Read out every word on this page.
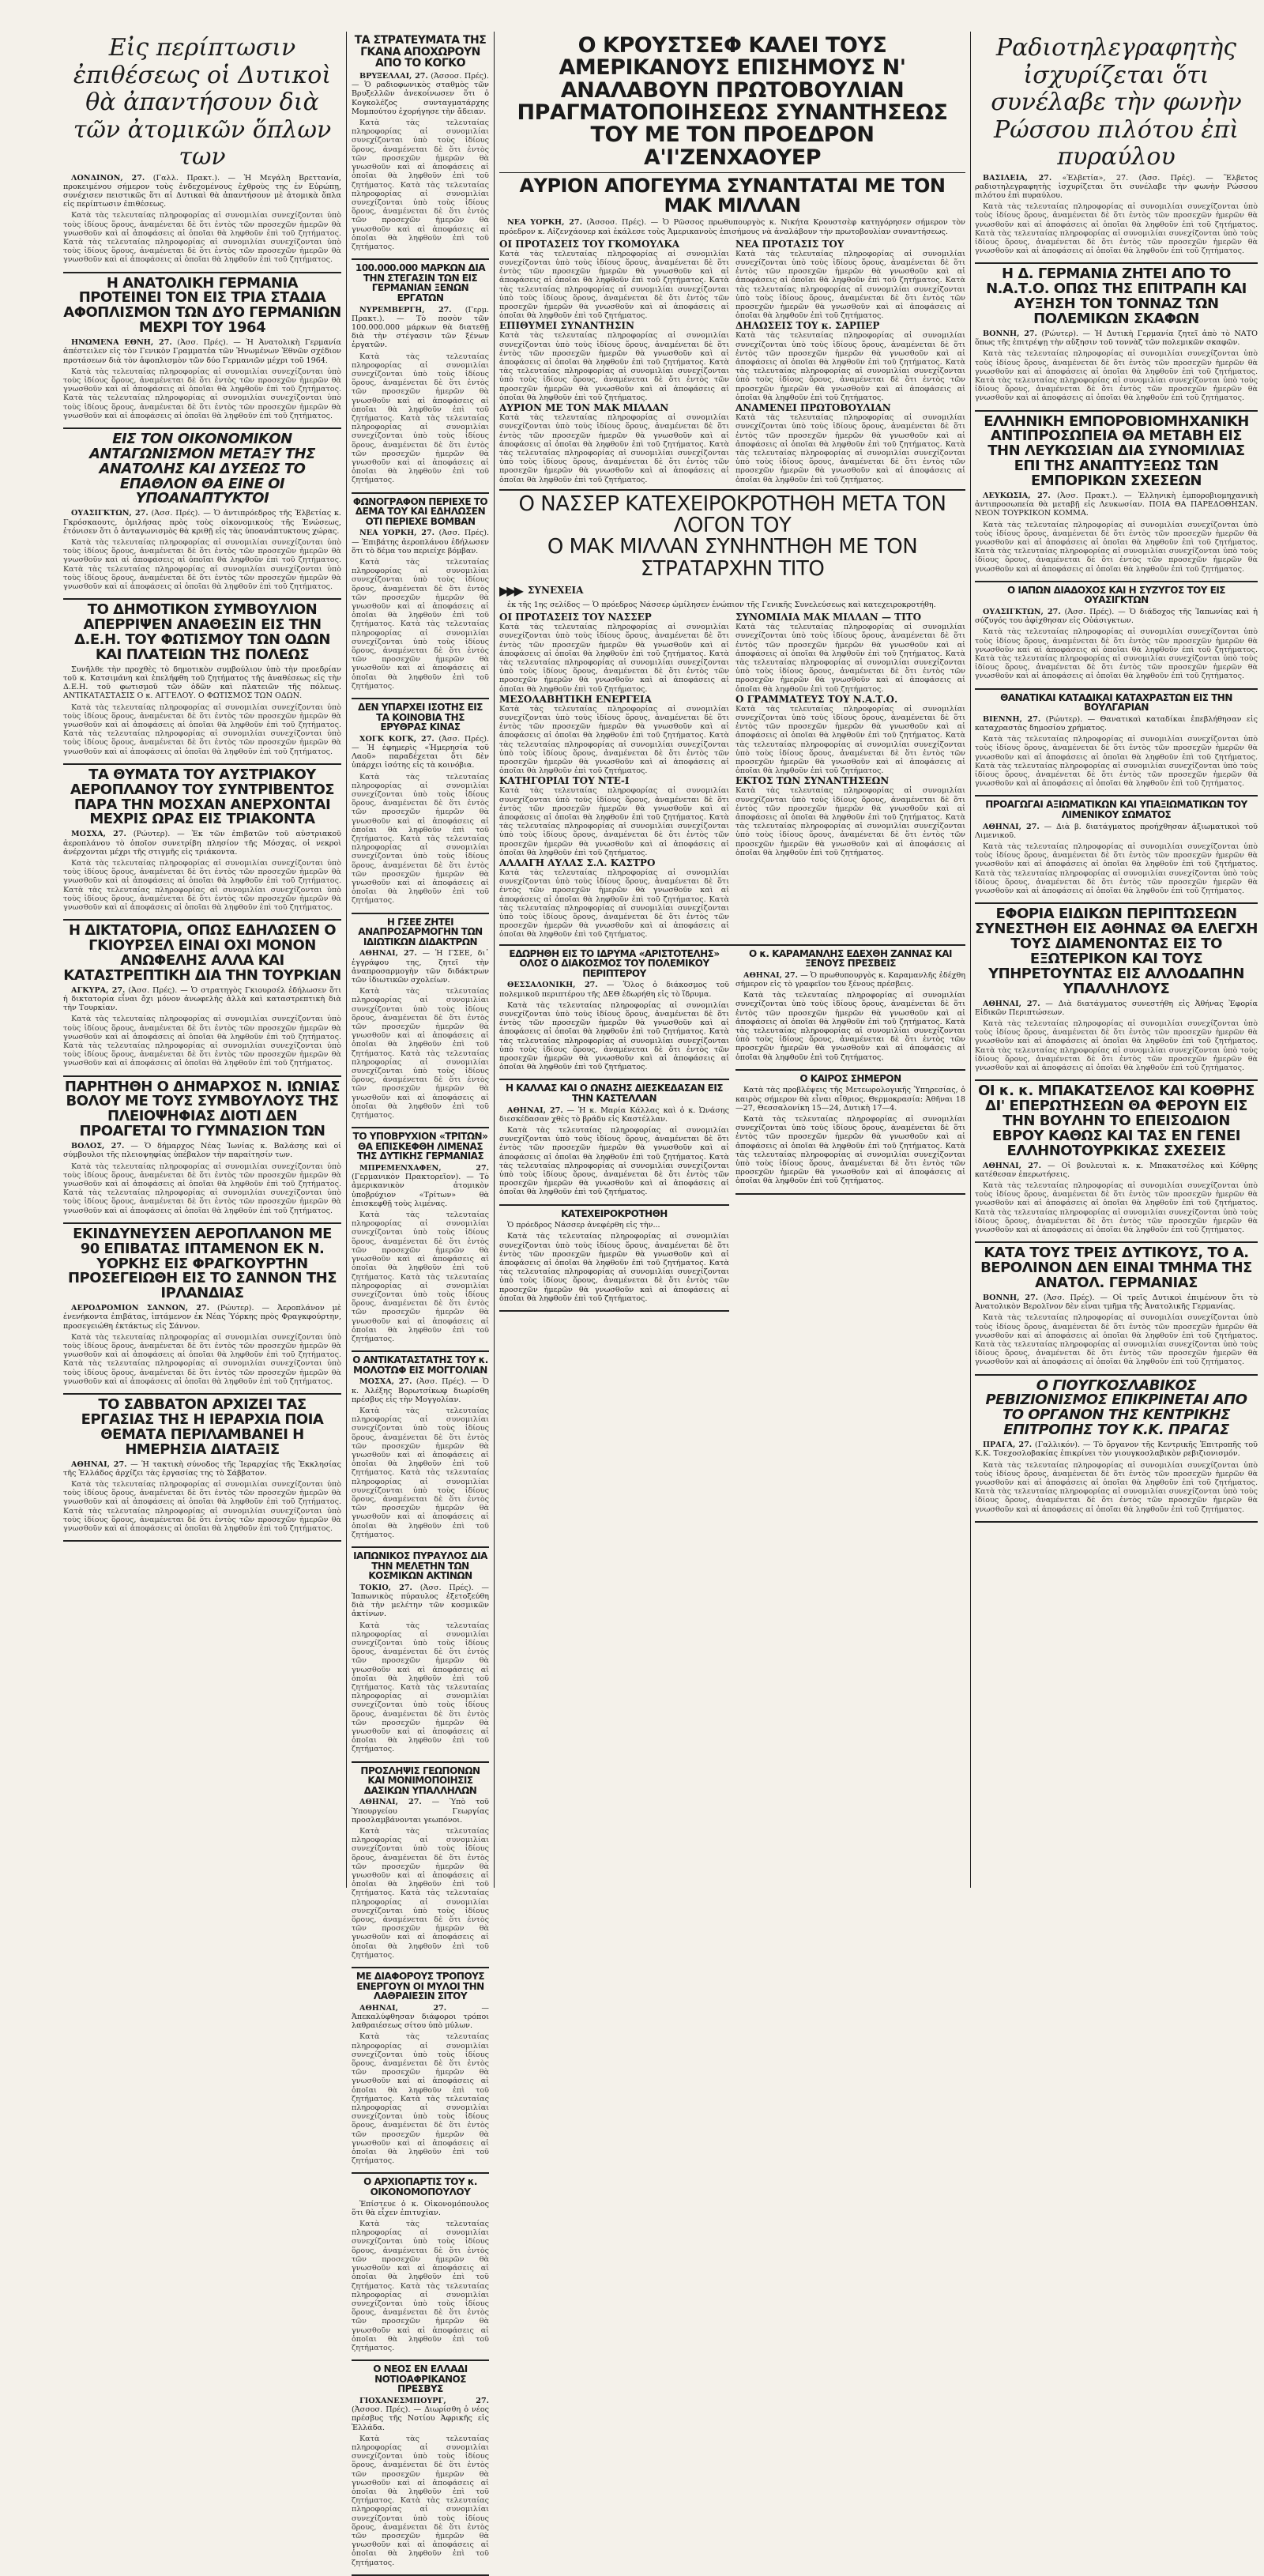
Εἰς περίπτωσιν ἐπιθέσεως οἱ Δυτικοὶ θὰ ἀπαντήσουν διὰ τῶν ἀτομικῶν ὅπλων των

ΛΟΝΔΙΝΟΝ, 27. (Γαλλ. Πρακτ.). — Ἡ Μεγάλη Βρεττανία, προκειμένου σήμερον τοὺς ἐνδεχομένους ἐχθροὺς της ἐν Εὐρώπῃ, συνέχισεν πειστικῶς ὅτι αἱ Δυτικαὶ θὰ ἀπαντήσουν μὲ ἀτομικὰ ὅπλα εἰς περίπτωσιν ἐπιθέσεως.

Κατὰ τὰς τελευταίας πληροφορίας αἱ συνομιλίαι συνεχίζονται ὑπὸ τοὺς ἰδίους ὅρους, ἀναμένεται δὲ ὅτι ἐντὸς τῶν προσεχῶν ἡμερῶν θὰ γνωσθοῦν καὶ αἱ ἀποφάσεις αἱ ὁποῖαι θὰ ληφθοῦν ἐπὶ τοῦ ζητήματος. Κατὰ τὰς τελευταίας πληροφορίας αἱ συνομιλίαι συνεχίζονται ὑπὸ τοὺς ἰδίους ὅρους, ἀναμένεται δὲ ὅτι ἐντὸς τῶν προσεχῶν ἡμερῶν θὰ γνωσθοῦν καὶ αἱ ἀποφάσεις αἱ ὁποῖαι θὰ ληφθοῦν ἐπὶ τοῦ ζητήματος.

Η ΑΝΑΤΟΛΙΚΗ ΓΕΡΜΑΝΙΑ ΠΡΟΤΕΙΝΕΙ ΤΟΝ ΕΙΣ ΤΡΙΑ ΣΤΑΔΙΑ ΑΦΟΠΛΙΣΜΟΝ ΤΩΝ ΔΥΟ ΓΕΡΜΑΝΙΩΝ ΜΕΧΡΙ ΤΟΥ 1964

ΗΝΩΜΕΝΑ ΕΘΝΗ, 27. (Ἀσσ. Πρές). — Ἡ Ἀνατολικὴ Γερμανία ἀπέστειλεν εἰς τὸν Γενικὸν Γραμματέα τῶν Ἡνωμένων Ἐθνῶν σχέδιον προτάσεων διὰ τὸν ἀφοπλισμὸν τῶν δύο Γερμανιῶν μέχρι τοῦ 1964.

Κατὰ τὰς τελευταίας πληροφορίας αἱ συνομιλίαι συνεχίζονται ὑπὸ τοὺς ἰδίους ὅρους, ἀναμένεται δὲ ὅτι ἐντὸς τῶν προσεχῶν ἡμερῶν θὰ γνωσθοῦν καὶ αἱ ἀποφάσεις αἱ ὁποῖαι θὰ ληφθοῦν ἐπὶ τοῦ ζητήματος. Κατὰ τὰς τελευταίας πληροφορίας αἱ συνομιλίαι συνεχίζονται ὑπὸ τοὺς ἰδίους ὅρους, ἀναμένεται δὲ ὅτι ἐντὸς τῶν προσεχῶν ἡμερῶν θὰ γνωσθοῦν καὶ αἱ ἀποφάσεις αἱ ὁποῖαι θὰ ληφθοῦν ἐπὶ τοῦ ζητήματος.

ΕΙΣ ΤΟΝ ΟΙΚΟΝΟΜΙΚΟΝ ΑΝΤΑΓΩΝΙΣΜΟΝ ΜΕΤΑΞΥ ΤΗΣ ΑΝΑΤΟΛΗΣ ΚΑΙ ΔΥΣΕΩΣ ΤΟ ΕΠΑΘΛΟΝ ΘΑ ΕΙΝΕ ΟΙ ΥΠΟΑΝΑΠΤΥΚΤΟΙ

ΟΥΑΣΙΓΚΤΩΝ, 27. (Ἀσσ. Πρές). — Ὁ ἀντιπρόεδρος τῆς Ἑλβετίας κ. Γκρόσκαουτς, ὁμιλήσας πρὸς τοὺς οἰκονομικοὺς τῆς Ἑνώσεως, ἐτόνισεν ὅτι ὁ ἀνταγωνισμὸς θὰ κριθῇ εἰς τὰς ὑποανάπτυκτους χώρας.

Κατὰ τὰς τελευταίας πληροφορίας αἱ συνομιλίαι συνεχίζονται ὑπὸ τοὺς ἰδίους ὅρους, ἀναμένεται δὲ ὅτι ἐντὸς τῶν προσεχῶν ἡμερῶν θὰ γνωσθοῦν καὶ αἱ ἀποφάσεις αἱ ὁποῖαι θὰ ληφθοῦν ἐπὶ τοῦ ζητήματος. Κατὰ τὰς τελευταίας πληροφορίας αἱ συνομιλίαι συνεχίζονται ὑπὸ τοὺς ἰδίους ὅρους, ἀναμένεται δὲ ὅτι ἐντὸς τῶν προσεχῶν ἡμερῶν θὰ γνωσθοῦν καὶ αἱ ἀποφάσεις αἱ ὁποῖαι θὰ ληφθοῦν ἐπὶ τοῦ ζητήματος.

ΤΟ ΔΗΜΟΤΙΚΟΝ ΣΥΜΒΟΥΛΙΟΝ ΑΠΕΡΡΙΨΕΝ ΑΝΑΘΕΣΙΝ ΕΙΣ ΤΗΝ Δ.Ε.Η. ΤΟΥ ΦΩΤΙΣΜΟΥ ΤΩΝ ΟΔΩΝ ΚΑΙ ΠΛΑΤΕΙΩΝ ΤΗΣ ΠΟΛΕΩΣ

Συνῆλθε τὴν προχθὲς τὸ δημοτικὸν συμβούλιον ὑπὸ τὴν προεδρίαν τοῦ κ. Κατσιμάνη καὶ ἐπελήφθη τοῦ ζητήματος τῆς ἀναθέσεως εἰς τὴν Δ.Ε.Η. τοῦ φωτισμοῦ τῶν ὁδῶν καὶ πλατειῶν τῆς πόλεως. ΑΝΤΙΚΑΤΑΣΤΑΣΙΣ Ο κ. ΑΓΓΕΛΟΥ. Ο ΦΩΤΙΣΜΟΣ ΤΩΝ ΟΔΩΝ.

Κατὰ τὰς τελευταίας πληροφορίας αἱ συνομιλίαι συνεχίζονται ὑπὸ τοὺς ἰδίους ὅρους, ἀναμένεται δὲ ὅτι ἐντὸς τῶν προσεχῶν ἡμερῶν θὰ γνωσθοῦν καὶ αἱ ἀποφάσεις αἱ ὁποῖαι θὰ ληφθοῦν ἐπὶ τοῦ ζητήματος. Κατὰ τὰς τελευταίας πληροφορίας αἱ συνομιλίαι συνεχίζονται ὑπὸ τοὺς ἰδίους ὅρους, ἀναμένεται δὲ ὅτι ἐντὸς τῶν προσεχῶν ἡμερῶν θὰ γνωσθοῦν καὶ αἱ ἀποφάσεις αἱ ὁποῖαι θὰ ληφθοῦν ἐπὶ τοῦ ζητήματος.

ΤΑ ΘΥΜΑΤΑ ΤΟΥ ΑΥΣΤΡΙΑΚΟΥ ΑΕΡΟΠΛΑΝΟΥ ΤΟΥ ΣΥΝΤΡΙΒΕΝΤΟΣ ΠΑΡΑ ΤΗΝ ΜΟΣΧΑΝ ΑΝΕΡΧΟΝΤΑΙ ΜΕΧΡΙΣ ΩΡΑΣ ΕΙΣ ΤΡΙΑΚΟΝΤΑ

ΜΟΣΧΑ, 27. (Ρώυτερ). — Ἐκ τῶν ἐπιβατῶν τοῦ αὐστριακοῦ ἀεροπλάνου τὸ ὁποῖον συνετρίβη πλησίον τῆς Μόσχας, οἱ νεκροὶ ἀνέρχονται μέχρι τῆς στιγμῆς εἰς τριάκοντα.

Κατὰ τὰς τελευταίας πληροφορίας αἱ συνομιλίαι συνεχίζονται ὑπὸ τοὺς ἰδίους ὅρους, ἀναμένεται δὲ ὅτι ἐντὸς τῶν προσεχῶν ἡμερῶν θὰ γνωσθοῦν καὶ αἱ ἀποφάσεις αἱ ὁποῖαι θὰ ληφθοῦν ἐπὶ τοῦ ζητήματος. Κατὰ τὰς τελευταίας πληροφορίας αἱ συνομιλίαι συνεχίζονται ὑπὸ τοὺς ἰδίους ὅρους, ἀναμένεται δὲ ὅτι ἐντὸς τῶν προσεχῶν ἡμερῶν θὰ γνωσθοῦν καὶ αἱ ἀποφάσεις αἱ ὁποῖαι θὰ ληφθοῦν ἐπὶ τοῦ ζητήματος.

Η ΔΙΚΤΑΤΟΡΙΑ, ΟΠΩΣ ΕΔΗΛΩΣΕΝ Ο ΓΚΙΟΥΡΣΕΛ ΕΙΝΑΙ ΟΧΙ ΜΟΝΟΝ ΑΝΩΦΕΛΗΣ ΑΛΛΑ ΚΑΙ ΚΑΤΑΣΤΡΕΠΤΙΚΗ ΔΙΑ ΤΗΝ ΤΟΥΡΚΙΑΝ

ΑΓΚΥΡΑ, 27. (Ἀσσ. Πρές). — Ὁ στρατηγὸς Γκιουρσέλ ἐδήλωσεν ὅτι ἡ δικτατορία εἶναι ὄχι μόνον ἀνωφελὴς ἀλλὰ καὶ καταστρεπτικὴ διὰ τὴν Τουρκίαν.

Κατὰ τὰς τελευταίας πληροφορίας αἱ συνομιλίαι συνεχίζονται ὑπὸ τοὺς ἰδίους ὅρους, ἀναμένεται δὲ ὅτι ἐντὸς τῶν προσεχῶν ἡμερῶν θὰ γνωσθοῦν καὶ αἱ ἀποφάσεις αἱ ὁποῖαι θὰ ληφθοῦν ἐπὶ τοῦ ζητήματος. Κατὰ τὰς τελευταίας πληροφορίας αἱ συνομιλίαι συνεχίζονται ὑπὸ τοὺς ἰδίους ὅρους, ἀναμένεται δὲ ὅτι ἐντὸς τῶν προσεχῶν ἡμερῶν θὰ γνωσθοῦν καὶ αἱ ἀποφάσεις αἱ ὁποῖαι θὰ ληφθοῦν ἐπὶ τοῦ ζητήματος.

ΠΑΡΗΤΗΘΗ Ο ΔΗΜΑΡΧΟΣ Ν. ΙΩΝΙΑΣ ΒΟΛΟΥ ΜΕ ΤΟΥΣ ΣΥΜΒΟΥΛΟΥΣ ΤΗΣ ΠΛΕΙΟΨΗΦΙΑΣ ΔΙΟΤΙ ΔΕΝ ΠΡΟΑΓΕΤΑΙ ΤΟ ΓΥΜΝΑΣΙΟΝ ΤΩΝ

ΒΟΛΟΣ, 27. — Ὁ δήμαρχος Νέας Ἰωνίας κ. Βαλάσης καὶ οἱ σύμβουλοι τῆς πλειοψηφίας ὑπέβαλον τὴν παραίτησίν των.

Κατὰ τὰς τελευταίας πληροφορίας αἱ συνομιλίαι συνεχίζονται ὑπὸ τοὺς ἰδίους ὅρους, ἀναμένεται δὲ ὅτι ἐντὸς τῶν προσεχῶν ἡμερῶν θὰ γνωσθοῦν καὶ αἱ ἀποφάσεις αἱ ὁποῖαι θὰ ληφθοῦν ἐπὶ τοῦ ζητήματος. Κατὰ τὰς τελευταίας πληροφορίας αἱ συνομιλίαι συνεχίζονται ὑπὸ τοὺς ἰδίους ὅρους, ἀναμένεται δὲ ὅτι ἐντὸς τῶν προσεχῶν ἡμερῶν θὰ γνωσθοῦν καὶ αἱ ἀποφάσεις αἱ ὁποῖαι θὰ ληφθοῦν ἐπὶ τοῦ ζητήματος.

ΕΚΙΝΔΥΝΕΥΣΕΝ ΑΕΡΟΠΛΑΝΟΝ ΜΕ 90 ΕΠΙΒΑΤΑΣ ΙΠΤΑΜΕΝΟΝ ΕΚ Ν. ΥΟΡΚΗΣ ΕΙΣ ΦΡΑΓΚΟΥΡΤΗΝ ΠΡΟΣΕΓΕΙΩΘΗ ΕΙΣ ΤΟ ΣΑΝΝΟΝ ΤΗΣ ΙΡΛΑΝΔΙΑΣ

ΑΕΡΟΔΡΟΜΙΟΝ ΣΑΝΝΟΝ, 27. (Ρώυτερ). — Ἀεροπλάνον μὲ ἐνενήκοντα ἐπιβάτας, ἱπτάμενον ἐκ Νέας Ὑόρκης πρὸς Φραγκφούρτην, προσεγειώθη ἐκτάκτως εἰς Σάννον.

Κατὰ τὰς τελευταίας πληροφορίας αἱ συνομιλίαι συνεχίζονται ὑπὸ τοὺς ἰδίους ὅρους, ἀναμένεται δὲ ὅτι ἐντὸς τῶν προσεχῶν ἡμερῶν θὰ γνωσθοῦν καὶ αἱ ἀποφάσεις αἱ ὁποῖαι θὰ ληφθοῦν ἐπὶ τοῦ ζητήματος. Κατὰ τὰς τελευταίας πληροφορίας αἱ συνομιλίαι συνεχίζονται ὑπὸ τοὺς ἰδίους ὅρους, ἀναμένεται δὲ ὅτι ἐντὸς τῶν προσεχῶν ἡμερῶν θὰ γνωσθοῦν καὶ αἱ ἀποφάσεις αἱ ὁποῖαι θὰ ληφθοῦν ἐπὶ τοῦ ζητήματος.

ΤΟ ΣΑΒΒΑΤΟΝ ΑΡΧΙΖΕΙ ΤΑΣ ΕΡΓΑΣΙΑΣ ΤΗΣ Η ΙΕΡΑΡΧΙΑ ΠΟΙΑ ΘΕΜΑΤΑ ΠΕΡΙΛΑΜΒΑΝΕΙ Η ΗΜΕΡΗΣΙΑ ΔΙΑΤΑΞΙΣ

ΑΘΗΝΑΙ, 27. — Ἡ τακτικὴ σύνοδος τῆς Ἱεραρχίας τῆς Ἐκκλησίας τῆς Ἑλλάδος ἀρχίζει τὰς ἐργασίας της τὸ Σάββατον.

Κατὰ τὰς τελευταίας πληροφορίας αἱ συνομιλίαι συνεχίζονται ὑπὸ τοὺς ἰδίους ὅρους, ἀναμένεται δὲ ὅτι ἐντὸς τῶν προσεχῶν ἡμερῶν θὰ γνωσθοῦν καὶ αἱ ἀποφάσεις αἱ ὁποῖαι θὰ ληφθοῦν ἐπὶ τοῦ ζητήματος. Κατὰ τὰς τελευταίας πληροφορίας αἱ συνομιλίαι συνεχίζονται ὑπὸ τοὺς ἰδίους ὅρους, ἀναμένεται δὲ ὅτι ἐντὸς τῶν προσεχῶν ἡμερῶν θὰ γνωσθοῦν καὶ αἱ ἀποφάσεις αἱ ὁποῖαι θὰ ληφθοῦν ἐπὶ τοῦ ζητήματος.

ΤΑ ΣΤΡΑΤΕΥΜΑΤΑ ΤΗΣ ΓΚΑΝΑ ΑΠΟΧΩΡΟΥΝ ΑΠΟ ΤΟ ΚΟΓΚΟ

ΒΡΥΞΕΛΛΑΙ, 27. (Ἀσσοσ. Πρές). — Ὁ ραδιοφωνικὸς σταθμὸς τῶν Βρυξελλῶν ἀνεκοίνωσεν ὅτι ὁ Κογκολέζος συνταγματάρχης Μομπούτου ἐχορήγησε τὴν ἄδειαν.

Κατὰ τὰς τελευταίας πληροφορίας αἱ συνομιλίαι συνεχίζονται ὑπὸ τοὺς ἰδίους ὅρους, ἀναμένεται δὲ ὅτι ἐντὸς τῶν προσεχῶν ἡμερῶν θὰ γνωσθοῦν καὶ αἱ ἀποφάσεις αἱ ὁποῖαι θὰ ληφθοῦν ἐπὶ τοῦ ζητήματος. Κατὰ τὰς τελευταίας πληροφορίας αἱ συνομιλίαι συνεχίζονται ὑπὸ τοὺς ἰδίους ὅρους, ἀναμένεται δὲ ὅτι ἐντὸς τῶν προσεχῶν ἡμερῶν θὰ γνωσθοῦν καὶ αἱ ἀποφάσεις αἱ ὁποῖαι θὰ ληφθοῦν ἐπὶ τοῦ ζητήματος.

100.000.000 ΜΑΡΚΩΝ ΔΙΑ ΤΗΝ ΣΤΕΓΑΣΙΝ ΤΩΝ ΕΙΣ ΓΕΡΜΑΝΙΑΝ ΞΕΝΩΝ ΕΡΓΑΤΩΝ

ΝΥΡΕΜΒΕΡΓΗ, 27. (Γερμ. Πρακτ.). — Τὸ ποσὸν τῶν 100.000.000 μάρκων θὰ διατεθῇ διὰ τὴν στέγασιν τῶν ξένων ἐργατῶν.

Κατὰ τὰς τελευταίας πληροφορίας αἱ συνομιλίαι συνεχίζονται ὑπὸ τοὺς ἰδίους ὅρους, ἀναμένεται δὲ ὅτι ἐντὸς τῶν προσεχῶν ἡμερῶν θὰ γνωσθοῦν καὶ αἱ ἀποφάσεις αἱ ὁποῖαι θὰ ληφθοῦν ἐπὶ τοῦ ζητήματος. Κατὰ τὰς τελευταίας πληροφορίας αἱ συνομιλίαι συνεχίζονται ὑπὸ τοὺς ἰδίους ὅρους, ἀναμένεται δὲ ὅτι ἐντὸς τῶν προσεχῶν ἡμερῶν θὰ γνωσθοῦν καὶ αἱ ἀποφάσεις αἱ ὁποῖαι θὰ ληφθοῦν ἐπὶ τοῦ ζητήματος.

ΦΩΝΟΓΡΑΦΟΝ ΠΕΡΙΕΧΕ ΤΟ ΔΕΜΑ ΤΟΥ ΚΑΙ ΕΔΗΛΩΣΕΝ ΟΤΙ ΠΕΡΙΕΧΕ ΒΟΜΒΑΝ

ΝΕΑ ΥΟΡΚΗ, 27. (Ἀσσ. Πρές). — Ἐπιβάτης ἀεροπλάνου ἐδήλωσεν ὅτι τὸ δέμα του περιείχε βόμβαν.

Κατὰ τὰς τελευταίας πληροφορίας αἱ συνομιλίαι συνεχίζονται ὑπὸ τοὺς ἰδίους ὅρους, ἀναμένεται δὲ ὅτι ἐντὸς τῶν προσεχῶν ἡμερῶν θὰ γνωσθοῦν καὶ αἱ ἀποφάσεις αἱ ὁποῖαι θὰ ληφθοῦν ἐπὶ τοῦ ζητήματος. Κατὰ τὰς τελευταίας πληροφορίας αἱ συνομιλίαι συνεχίζονται ὑπὸ τοὺς ἰδίους ὅρους, ἀναμένεται δὲ ὅτι ἐντὸς τῶν προσεχῶν ἡμερῶν θὰ γνωσθοῦν καὶ αἱ ἀποφάσεις αἱ ὁποῖαι θὰ ληφθοῦν ἐπὶ τοῦ ζητήματος.

ΔΕΝ ΥΠΑΡΧΕΙ ΙΣΟΤΗΣ ΕΙΣ ΤΑ ΚΟΙΝΟΒΙΑ ΤΗΣ ΕΡΥΘΡΑΣ ΚΙΝΑΣ

ΧΟΓΚ ΚΟΓΚ, 27. (Ἀσσ. Πρές). — Ἡ ἐφημερὶς «Ἡμερησία τοῦ Λαοῦ» παραδέχεται ὅτι δὲν ὑπάρχει ἰσότης εἰς τὰ κοινόβια.

Κατὰ τὰς τελευταίας πληροφορίας αἱ συνομιλίαι συνεχίζονται ὑπὸ τοὺς ἰδίους ὅρους, ἀναμένεται δὲ ὅτι ἐντὸς τῶν προσεχῶν ἡμερῶν θὰ γνωσθοῦν καὶ αἱ ἀποφάσεις αἱ ὁποῖαι θὰ ληφθοῦν ἐπὶ τοῦ ζητήματος. Κατὰ τὰς τελευταίας πληροφορίας αἱ συνομιλίαι συνεχίζονται ὑπὸ τοὺς ἰδίους ὅρους, ἀναμένεται δὲ ὅτι ἐντὸς τῶν προσεχῶν ἡμερῶν θὰ γνωσθοῦν καὶ αἱ ἀποφάσεις αἱ ὁποῖαι θὰ ληφθοῦν ἐπὶ τοῦ ζητήματος.

Η ΓΣΕΕ ΖΗΤΕΙ ΑΝΑΠΡΟΣΑΡΜΟΓΗΝ ΤΩΝ ΙΔΙΩΤΙΚΩΝ ΔΙΔΑΚΤΡΩΝ

ΑΘΗΝΑΙ, 27. — Ἡ ΓΣΕΕ, δι᾽ ἐγγράφου της, ζητεῖ τὴν ἀναπροσαρμογὴν τῶν διδάκτρων τῶν ἰδιωτικῶν σχολείων.

Κατὰ τὰς τελευταίας πληροφορίας αἱ συνομιλίαι συνεχίζονται ὑπὸ τοὺς ἰδίους ὅρους, ἀναμένεται δὲ ὅτι ἐντὸς τῶν προσεχῶν ἡμερῶν θὰ γνωσθοῦν καὶ αἱ ἀποφάσεις αἱ ὁποῖαι θὰ ληφθοῦν ἐπὶ τοῦ ζητήματος. Κατὰ τὰς τελευταίας πληροφορίας αἱ συνομιλίαι συνεχίζονται ὑπὸ τοὺς ἰδίους ὅρους, ἀναμένεται δὲ ὅτι ἐντὸς τῶν προσεχῶν ἡμερῶν θὰ γνωσθοῦν καὶ αἱ ἀποφάσεις αἱ ὁποῖαι θὰ ληφθοῦν ἐπὶ τοῦ ζητήματος.

ΤΟ ΥΠΟΒΡΥΧΙΟΝ «ΤΡΙΤΩΝ» ΘΑ ΕΠΙΣΚΕΦΘΗ ΛΙΜΕΝΑΣ ΤΗΣ ΔΥΤΙΚΗΣ ΓΕΡΜΑΝΙΑΣ

ΜΠΡΕΜΕΝΧΑΦΕΝ, 27. (Γερμανικὸν Πρακτορεῖον). — Τὸ ἀμερικανικὸν ἀτομικὸν ὑποβρύχιον «Τρίτων» θὰ ἐπισκεφθῇ τοὺς λιμένας.

Κατὰ τὰς τελευταίας πληροφορίας αἱ συνομιλίαι συνεχίζονται ὑπὸ τοὺς ἰδίους ὅρους, ἀναμένεται δὲ ὅτι ἐντὸς τῶν προσεχῶν ἡμερῶν θὰ γνωσθοῦν καὶ αἱ ἀποφάσεις αἱ ὁποῖαι θὰ ληφθοῦν ἐπὶ τοῦ ζητήματος. Κατὰ τὰς τελευταίας πληροφορίας αἱ συνομιλίαι συνεχίζονται ὑπὸ τοὺς ἰδίους ὅρους, ἀναμένεται δὲ ὅτι ἐντὸς τῶν προσεχῶν ἡμερῶν θὰ γνωσθοῦν καὶ αἱ ἀποφάσεις αἱ ὁποῖαι θὰ ληφθοῦν ἐπὶ τοῦ ζητήματος.

Ο ΑΝΤΙΚΑΤΑΣΤΑΤΗΣ ΤΟΥ κ. ΜΟΛΟΤΩΦ ΕΙΣ ΜΟΓΓΟΛΙΑΝ

ΜΟΣΧΑ, 27. (Ἀσσ. Πρές). — Ὁ κ. Ἀλέξης Βορωτσίκωφ διωρίσθη πρέσβυς εἰς τὴν Μογγολίαν.

Κατὰ τὰς τελευταίας πληροφορίας αἱ συνομιλίαι συνεχίζονται ὑπὸ τοὺς ἰδίους ὅρους, ἀναμένεται δὲ ὅτι ἐντὸς τῶν προσεχῶν ἡμερῶν θὰ γνωσθοῦν καὶ αἱ ἀποφάσεις αἱ ὁποῖαι θὰ ληφθοῦν ἐπὶ τοῦ ζητήματος. Κατὰ τὰς τελευταίας πληροφορίας αἱ συνομιλίαι συνεχίζονται ὑπὸ τοὺς ἰδίους ὅρους, ἀναμένεται δὲ ὅτι ἐντὸς τῶν προσεχῶν ἡμερῶν θὰ γνωσθοῦν καὶ αἱ ἀποφάσεις αἱ ὁποῖαι θὰ ληφθοῦν ἐπὶ τοῦ ζητήματος.

ΙΑΠΩΝΙΚΟΣ ΠΥΡΑΥΛΟΣ ΔΙΑ ΤΗΝ ΜΕΛΕΤΗΝ ΤΩΝ ΚΟΣΜΙΚΩΝ ΑΚΤΙΝΩΝ

ΤΟΚΙΟ, 27. (Ἀσσ. Πρές). — Ἰαπωνικὸς πύραυλος ἐξετοξεύθη διὰ τὴν μελέτην τῶν κοσμικῶν ἀκτίνων.

Κατὰ τὰς τελευταίας πληροφορίας αἱ συνομιλίαι συνεχίζονται ὑπὸ τοὺς ἰδίους ὅρους, ἀναμένεται δὲ ὅτι ἐντὸς τῶν προσεχῶν ἡμερῶν θὰ γνωσθοῦν καὶ αἱ ἀποφάσεις αἱ ὁποῖαι θὰ ληφθοῦν ἐπὶ τοῦ ζητήματος. Κατὰ τὰς τελευταίας πληροφορίας αἱ συνομιλίαι συνεχίζονται ὑπὸ τοὺς ἰδίους ὅρους, ἀναμένεται δὲ ὅτι ἐντὸς τῶν προσεχῶν ἡμερῶν θὰ γνωσθοῦν καὶ αἱ ἀποφάσεις αἱ ὁποῖαι θὰ ληφθοῦν ἐπὶ τοῦ ζητήματος.

ΠΡΟΣΛΗΨΙΣ ΓΕΩΠΟΝΩΝ ΚΑΙ ΜΟΝΙΜΟΠΟΙΗΣΙΣ ΔΑΣΙΚΩΝ ΥΠΑΛΛΗΛΩΝ

ΑΘΗΝΑΙ, 27. — Ὑπὸ τοῦ Ὑπουργείου Γεωργίας προσλαμβάνονται γεωπόνοι.

Κατὰ τὰς τελευταίας πληροφορίας αἱ συνομιλίαι συνεχίζονται ὑπὸ τοὺς ἰδίους ὅρους, ἀναμένεται δὲ ὅτι ἐντὸς τῶν προσεχῶν ἡμερῶν θὰ γνωσθοῦν καὶ αἱ ἀποφάσεις αἱ ὁποῖαι θὰ ληφθοῦν ἐπὶ τοῦ ζητήματος. Κατὰ τὰς τελευταίας πληροφορίας αἱ συνομιλίαι συνεχίζονται ὑπὸ τοὺς ἰδίους ὅρους, ἀναμένεται δὲ ὅτι ἐντὸς τῶν προσεχῶν ἡμερῶν θὰ γνωσθοῦν καὶ αἱ ἀποφάσεις αἱ ὁποῖαι θὰ ληφθοῦν ἐπὶ τοῦ ζητήματος.

ΜΕ ΔΙΑΦΟΡΟΥΣ ΤΡΟΠΟΥΣ ΕΝΕΡΓΟΥΝ ΟΙ ΜΥΛΟΙ ΤΗΝ ΛΑΘΡΑΙΕΣΙΝ ΣΙΤΟΥ

ΑΘΗΝΑΙ, 27.	— Ἀπεκαλύφθησαν διάφοροι τρόποι λαθραιέσεως σίτου ὑπὸ μύλων.

Κατὰ τὰς τελευταίας πληροφορίας αἱ συνομιλίαι συνεχίζονται ὑπὸ τοὺς ἰδίους ὅρους, ἀναμένεται δὲ ὅτι ἐντὸς τῶν προσεχῶν ἡμερῶν θὰ γνωσθοῦν καὶ αἱ ἀποφάσεις αἱ ὁποῖαι θὰ ληφθοῦν ἐπὶ τοῦ ζητήματος. Κατὰ τὰς τελευταίας πληροφορίας αἱ συνομιλίαι συνεχίζονται ὑπὸ τοὺς ἰδίους ὅρους, ἀναμένεται δὲ ὅτι ἐντὸς τῶν προσεχῶν ἡμερῶν θὰ γνωσθοῦν καὶ αἱ ἀποφάσεις αἱ ὁποῖαι θὰ ληφθοῦν ἐπὶ τοῦ ζητήματος.

Ο ΑΡΧΙΟΠΑΡΤΙΣ ΤΟΥ κ. ΟΙΚΟΝΟΜΟΠΟΥΛΟΥ

Ἐπίστευε ὁ κ. Οἰκονομόπουλος ὅτι θὰ εἶχεν ἐπιτυχίαν.

Κατὰ τὰς τελευταίας πληροφορίας αἱ συνομιλίαι συνεχίζονται ὑπὸ τοὺς ἰδίους ὅρους, ἀναμένεται δὲ ὅτι ἐντὸς τῶν προσεχῶν ἡμερῶν θὰ γνωσθοῦν καὶ αἱ ἀποφάσεις αἱ ὁποῖαι θὰ ληφθοῦν ἐπὶ τοῦ ζητήματος. Κατὰ τὰς τελευταίας πληροφορίας αἱ συνομιλίαι συνεχίζονται ὑπὸ τοὺς ἰδίους ὅρους, ἀναμένεται δὲ ὅτι ἐντὸς τῶν προσεχῶν ἡμερῶν θὰ γνωσθοῦν καὶ αἱ ἀποφάσεις αἱ ὁποῖαι θὰ ληφθοῦν ἐπὶ τοῦ ζητήματος.

Ο ΝΕΟΣ ΕΝ ΕΛΛΑΔΙ ΝΟΤΙΟΑΦΡΙΚΑΝΟΣ ΠΡΕΣΒΥΣ

ΓΙΟΧΑΝΕΣΜΠΟΥΡΓ, 27. (Ἀσσοσ. Πρές). — Διωρίσθη ὁ νέος πρέσβυς τῆς Νοτίου Ἀφρικῆς εἰς Ἑλλάδα.

Κατὰ τὰς τελευταίας πληροφορίας αἱ συνομιλίαι συνεχίζονται ὑπὸ τοὺς ἰδίους ὅρους, ἀναμένεται δὲ ὅτι ἐντὸς τῶν προσεχῶν ἡμερῶν θὰ γνωσθοῦν καὶ αἱ ἀποφάσεις αἱ ὁποῖαι θὰ ληφθοῦν ἐπὶ τοῦ ζητήματος. Κατὰ τὰς τελευταίας πληροφορίας αἱ συνομιλίαι συνεχίζονται ὑπὸ τοὺς ἰδίους ὅρους, ἀναμένεται δὲ ὅτι ἐντὸς τῶν προσεχῶν ἡμερῶν θὰ γνωσθοῦν καὶ αἱ ἀποφάσεις αἱ ὁποῖαι θὰ ληφθοῦν ἐπὶ τοῦ ζητήματος.

Ο ΚΡΟΥΣΤΣΕΦ ΚΑΛΕΙ ΤΟΥΣ ΑΜΕΡΙΚΑΝΟΥΣ ΕΠΙΣΗΜΟΥΣ Ν' ΑΝΑΛΑΒΟΥΝ ΠΡΩΤΟΒΟΥΛΙΑΝ ΠΡΑΓΜΑΤΟΠΟΙΗΣΕΩΣ ΣΥΝΑΝΤΗΣΕΩΣ ΤΟΥ ΜΕ ΤΟΝ ΠΡΟΕΔΡΟΝ Α'Ι'ΖΕΝΧΑΟΥΕΡ
ΑΥΡΙΟΝ ΑΠΟΓΕΥΜΑ ΣΥΝΑΝΤΑΤΑΙ ΜΕ ΤΟΝ ΜΑΚ ΜΙΛΛΑΝ

ΝΕΑ ΥΟΡΚΗ, 27. (Ἀσσοσ. Πρές). — Ὁ Ρῶσσος πρωθυπουργὸς κ. Νικήτα Κρουστσὲφ κατηγόρησεν σήμερον τὸν πρόεδρον κ. Αἰζενχάουερ καὶ ἐκάλεσε τοὺς Ἀμερικανοὺς ἐπισήμους νὰ ἀναλάβουν τὴν πρωτοβουλίαν συναντήσεως.

ΟΙ ΠΡΟΤΑΣΕΙΣ ΤΟΥ ΓΚΟΜΟΥΛΚΑ
Κατὰ τὰς τελευταίας πληροφορίας αἱ συνομιλίαι συνεχίζονται ὑπὸ τοὺς ἰδίους ὅρους, ἀναμένεται δὲ ὅτι ἐντὸς τῶν προσεχῶν ἡμερῶν θὰ γνωσθοῦν καὶ αἱ ἀποφάσεις αἱ ὁποῖαι θὰ ληφθοῦν ἐπὶ τοῦ ζητήματος. Κατὰ τὰς τελευταίας πληροφορίας αἱ συνομιλίαι συνεχίζονται ὑπὸ τοὺς ἰδίους ὅρους, ἀναμένεται δὲ ὅτι ἐντὸς τῶν προσεχῶν ἡμερῶν θὰ γνωσθοῦν καὶ αἱ ἀποφάσεις αἱ ὁποῖαι θὰ ληφθοῦν ἐπὶ τοῦ ζητήματος.
ΕΠΙΘΥΜΕΙ ΣΥΝΑΝΤΗΣΙΝ
Κατὰ τὰς τελευταίας πληροφορίας αἱ συνομιλίαι συνεχίζονται ὑπὸ τοὺς ἰδίους ὅρους, ἀναμένεται δὲ ὅτι ἐντὸς τῶν προσεχῶν ἡμερῶν θὰ γνωσθοῦν καὶ αἱ ἀποφάσεις αἱ ὁποῖαι θὰ ληφθοῦν ἐπὶ τοῦ ζητήματος. Κατὰ τὰς τελευταίας πληροφορίας αἱ συνομιλίαι συνεχίζονται ὑπὸ τοὺς ἰδίους ὅρους, ἀναμένεται δὲ ὅτι ἐντὸς τῶν προσεχῶν ἡμερῶν θὰ γνωσθοῦν καὶ αἱ ἀποφάσεις αἱ ὁποῖαι θὰ ληφθοῦν ἐπὶ τοῦ ζητήματος.
ΑΥΡΙΟΝ ΜΕ ΤΟΝ ΜΑΚ ΜΙΛΛΑΝ
Κατὰ τὰς τελευταίας πληροφορίας αἱ συνομιλίαι συνεχίζονται ὑπὸ τοὺς ἰδίους ὅρους, ἀναμένεται δὲ ὅτι ἐντὸς τῶν προσεχῶν ἡμερῶν θὰ γνωσθοῦν καὶ αἱ ἀποφάσεις αἱ ὁποῖαι θὰ ληφθοῦν ἐπὶ τοῦ ζητήματος. Κατὰ τὰς τελευταίας πληροφορίας αἱ συνομιλίαι συνεχίζονται ὑπὸ τοὺς ἰδίους ὅρους, ἀναμένεται δὲ ὅτι ἐντὸς τῶν προσεχῶν ἡμερῶν θὰ γνωσθοῦν καὶ αἱ ἀποφάσεις αἱ ὁποῖαι θὰ ληφθοῦν ἐπὶ τοῦ ζητήματος.
ΝΕΑ ΠΡΟΤΑΣΙΣ ΤΟΥ
Κατὰ τὰς τελευταίας πληροφορίας αἱ συνομιλίαι συνεχίζονται ὑπὸ τοὺς ἰδίους ὅρους, ἀναμένεται δὲ ὅτι ἐντὸς τῶν προσεχῶν ἡμερῶν θὰ γνωσθοῦν καὶ αἱ ἀποφάσεις αἱ ὁποῖαι θὰ ληφθοῦν ἐπὶ τοῦ ζητήματος. Κατὰ τὰς τελευταίας πληροφορίας αἱ συνομιλίαι συνεχίζονται ὑπὸ τοὺς ἰδίους ὅρους, ἀναμένεται δὲ ὅτι ἐντὸς τῶν προσεχῶν ἡμερῶν θὰ γνωσθοῦν καὶ αἱ ἀποφάσεις αἱ ὁποῖαι θὰ ληφθοῦν ἐπὶ τοῦ ζητήματος.
ΔΗΛΩΣΕΙΣ ΤΟΥ κ. ΣΑΡΠΕΡ
Κατὰ τὰς τελευταίας πληροφορίας αἱ συνομιλίαι συνεχίζονται ὑπὸ τοὺς ἰδίους ὅρους, ἀναμένεται δὲ ὅτι ἐντὸς τῶν προσεχῶν ἡμερῶν θὰ γνωσθοῦν καὶ αἱ ἀποφάσεις αἱ ὁποῖαι θὰ ληφθοῦν ἐπὶ τοῦ ζητήματος. Κατὰ τὰς τελευταίας πληροφορίας αἱ συνομιλίαι συνεχίζονται ὑπὸ τοὺς ἰδίους ὅρους, ἀναμένεται δὲ ὅτι ἐντὸς τῶν προσεχῶν ἡμερῶν θὰ γνωσθοῦν καὶ αἱ ἀποφάσεις αἱ ὁποῖαι θὰ ληφθοῦν ἐπὶ τοῦ ζητήματος.
ΑΝΑΜΕΝΕΙ ΠΡΩΤΟΒΟΥΛΙΑΝ
Κατὰ τὰς τελευταίας πληροφορίας αἱ συνομιλίαι συνεχίζονται ὑπὸ τοὺς ἰδίους ὅρους, ἀναμένεται δὲ ὅτι ἐντὸς τῶν προσεχῶν ἡμερῶν θὰ γνωσθοῦν καὶ αἱ ἀποφάσεις αἱ ὁποῖαι θὰ ληφθοῦν ἐπὶ τοῦ ζητήματος. Κατὰ τὰς τελευταίας πληροφορίας αἱ συνομιλίαι συνεχίζονται ὑπὸ τοὺς ἰδίους ὅρους, ἀναμένεται δὲ ὅτι ἐντὸς τῶν προσεχῶν ἡμερῶν θὰ γνωσθοῦν καὶ αἱ ἀποφάσεις αἱ ὁποῖαι θὰ ληφθοῦν ἐπὶ τοῦ ζητήματος.
Ο ΝΑΣΣΕΡ ΚΑΤΕΧΕΙΡΟΚΡΟΤΗΘΗ ΜΕΤΑ ΤΟΝ ΛΟΓΟΝ ΤΟΥ
Ο ΜΑΚ ΜΙΛΛΑΝ ΣΥΝΗΝΤΗΘΗ ΜΕ ΤΟΝ ΣΤΡΑΤΑΡΧΗΝ ΤΙΤΟ
▶▶▶ ΣΥΝΕΧΕΙΑ

ἐκ τῆς 1ης σελίδος — Ὁ πρόεδρος Νάσσερ ὡμίλησεν ἐνώπιον τῆς Γενικῆς Συνελεύσεως καὶ κατεχειροκροτήθη.

ΟΙ ΠΡΟΤΑΣΕΙΣ ΤΟΥ ΝΑΣΣΕΡ
Κατὰ τὰς τελευταίας πληροφορίας αἱ συνομιλίαι συνεχίζονται ὑπὸ τοὺς ἰδίους ὅρους, ἀναμένεται δὲ ὅτι ἐντὸς τῶν προσεχῶν ἡμερῶν θὰ γνωσθοῦν καὶ αἱ ἀποφάσεις αἱ ὁποῖαι θὰ ληφθοῦν ἐπὶ τοῦ ζητήματος. Κατὰ τὰς τελευταίας πληροφορίας αἱ συνομιλίαι συνεχίζονται ὑπὸ τοὺς ἰδίους ὅρους, ἀναμένεται δὲ ὅτι ἐντὸς τῶν προσεχῶν ἡμερῶν θὰ γνωσθοῦν καὶ αἱ ἀποφάσεις αἱ ὁποῖαι θὰ ληφθοῦν ἐπὶ τοῦ ζητήματος.
ΜΕΣΟΛΑΒΗΤΙΚΗ ΕΝΕΡΓΕΙΑ
Κατὰ τὰς τελευταίας πληροφορίας αἱ συνομιλίαι συνεχίζονται ὑπὸ τοὺς ἰδίους ὅρους, ἀναμένεται δὲ ὅτι ἐντὸς τῶν προσεχῶν ἡμερῶν θὰ γνωσθοῦν καὶ αἱ ἀποφάσεις αἱ ὁποῖαι θὰ ληφθοῦν ἐπὶ τοῦ ζητήματος. Κατὰ τὰς τελευταίας πληροφορίας αἱ συνομιλίαι συνεχίζονται ὑπὸ τοὺς ἰδίους ὅρους, ἀναμένεται δὲ ὅτι ἐντὸς τῶν προσεχῶν ἡμερῶν θὰ γνωσθοῦν καὶ αἱ ἀποφάσεις αἱ ὁποῖαι θὰ ληφθοῦν ἐπὶ τοῦ ζητήματος.
ΚΑΤΗΓΟΡΙΑΙ ΤΟΥ ΝΤΕ-Ι
Κατὰ τὰς τελευταίας πληροφορίας αἱ συνομιλίαι συνεχίζονται ὑπὸ τοὺς ἰδίους ὅρους, ἀναμένεται δὲ ὅτι ἐντὸς τῶν προσεχῶν ἡμερῶν θὰ γνωσθοῦν καὶ αἱ ἀποφάσεις αἱ ὁποῖαι θὰ ληφθοῦν ἐπὶ τοῦ ζητήματος. Κατὰ τὰς τελευταίας πληροφορίας αἱ συνομιλίαι συνεχίζονται ὑπὸ τοὺς ἰδίους ὅρους, ἀναμένεται δὲ ὅτι ἐντὸς τῶν προσεχῶν ἡμερῶν θὰ γνωσθοῦν καὶ αἱ ἀποφάσεις αἱ ὁποῖαι θὰ ληφθοῦν ἐπὶ τοῦ ζητήματος.
ΑΛΛΑΓΗ ΑΥΛΑΣ Σ.Λ. ΚΑΣΤΡΟ
Κατὰ τὰς τελευταίας πληροφορίας αἱ συνομιλίαι συνεχίζονται ὑπὸ τοὺς ἰδίους ὅρους, ἀναμένεται δὲ ὅτι ἐντὸς τῶν προσεχῶν ἡμερῶν θὰ γνωσθοῦν καὶ αἱ ἀποφάσεις αἱ ὁποῖαι θὰ ληφθοῦν ἐπὶ τοῦ ζητήματος. Κατὰ τὰς τελευταίας πληροφορίας αἱ συνομιλίαι συνεχίζονται ὑπὸ τοὺς ἰδίους ὅρους, ἀναμένεται δὲ ὅτι ἐντὸς τῶν προσεχῶν ἡμερῶν θὰ γνωσθοῦν καὶ αἱ ἀποφάσεις αἱ ὁποῖαι θὰ ληφθοῦν ἐπὶ τοῦ ζητήματος.
ΣΥΝΟΜΙΛΙΑ ΜΑΚ ΜΙΛΛΑΝ — ΤΙΤΟ
Κατὰ τὰς τελευταίας πληροφορίας αἱ συνομιλίαι συνεχίζονται ὑπὸ τοὺς ἰδίους ὅρους, ἀναμένεται δὲ ὅτι ἐντὸς τῶν προσεχῶν ἡμερῶν θὰ γνωσθοῦν καὶ αἱ ἀποφάσεις αἱ ὁποῖαι θὰ ληφθοῦν ἐπὶ τοῦ ζητήματος. Κατὰ τὰς τελευταίας πληροφορίας αἱ συνομιλίαι συνεχίζονται ὑπὸ τοὺς ἰδίους ὅρους, ἀναμένεται δὲ ὅτι ἐντὸς τῶν προσεχῶν ἡμερῶν θὰ γνωσθοῦν καὶ αἱ ἀποφάσεις αἱ ὁποῖαι θὰ ληφθοῦν ἐπὶ τοῦ ζητήματος.
Ο ΓΡΑΜΜΑΤΕΥΣ ΤΟΥ Ν.Α.Τ.Ο.
Κατὰ τὰς τελευταίας πληροφορίας αἱ συνομιλίαι συνεχίζονται ὑπὸ τοὺς ἰδίους ὅρους, ἀναμένεται δὲ ὅτι ἐντὸς τῶν προσεχῶν ἡμερῶν θὰ γνωσθοῦν καὶ αἱ ἀποφάσεις αἱ ὁποῖαι θὰ ληφθοῦν ἐπὶ τοῦ ζητήματος. Κατὰ τὰς τελευταίας πληροφορίας αἱ συνομιλίαι συνεχίζονται ὑπὸ τοὺς ἰδίους ὅρους, ἀναμένεται δὲ ὅτι ἐντὸς τῶν προσεχῶν ἡμερῶν θὰ γνωσθοῦν καὶ αἱ ἀποφάσεις αἱ ὁποῖαι θὰ ληφθοῦν ἐπὶ τοῦ ζητήματος.
ΕΚΤΟΣ ΤΩΝ ΣΥΝΑΝΤΗΣΕΩΝ
Κατὰ τὰς τελευταίας πληροφορίας αἱ συνομιλίαι συνεχίζονται ὑπὸ τοὺς ἰδίους ὅρους, ἀναμένεται δὲ ὅτι ἐντὸς τῶν προσεχῶν ἡμερῶν θὰ γνωσθοῦν καὶ αἱ ἀποφάσεις αἱ ὁποῖαι θὰ ληφθοῦν ἐπὶ τοῦ ζητήματος. Κατὰ τὰς τελευταίας πληροφορίας αἱ συνομιλίαι συνεχίζονται ὑπὸ τοὺς ἰδίους ὅρους, ἀναμένεται δὲ ὅτι ἐντὸς τῶν προσεχῶν ἡμερῶν θὰ γνωσθοῦν καὶ αἱ ἀποφάσεις αἱ ὁποῖαι θὰ ληφθοῦν ἐπὶ τοῦ ζητήματος.
ΕΔΩΡΗΘΗ ΕΙΣ ΤΟ ΙΔΡΥΜΑ «ΑΡΙΣΤΟΤΕΛΗΣ» ΟΛΟΣ Ο ΔΙΑΚΟΣΜΟΣ ΤΟΥ ΠΟΛΕΜΙΚΟΥ ΠΕΡΙΠΤΕΡΟΥ

ΘΕΣΣΑΛΟΝΙΚΗ, 27. — Ὅλος ὁ διάκοσμος τοῦ πολεμικοῦ περιπτέρου τῆς ΔΕΘ ἐδωρήθη εἰς τὸ ἵδρυμα.

Κατὰ τὰς τελευταίας πληροφορίας αἱ συνομιλίαι συνεχίζονται ὑπὸ τοὺς ἰδίους ὅρους, ἀναμένεται δὲ ὅτι ἐντὸς τῶν προσεχῶν ἡμερῶν θὰ γνωσθοῦν καὶ αἱ ἀποφάσεις αἱ ὁποῖαι θὰ ληφθοῦν ἐπὶ τοῦ ζητήματος. Κατὰ τὰς τελευταίας πληροφορίας αἱ συνομιλίαι συνεχίζονται ὑπὸ τοὺς ἰδίους ὅρους, ἀναμένεται δὲ ὅτι ἐντὸς τῶν προσεχῶν ἡμερῶν θὰ γνωσθοῦν καὶ αἱ ἀποφάσεις αἱ ὁποῖαι θὰ ληφθοῦν ἐπὶ τοῦ ζητήματος.

Η ΚΑΛΛΑΣ ΚΑΙ Ο ΩΝΑΣΗΣ ΔΙΕΣΚΕΔΑΣΑΝ ΕΙΣ ΤΗΝ ΚΑΣΤΕΛΛΑΝ

ΑΘΗΝΑΙ, 27. — Ἡ κ. Μαρία Κάλλας καὶ ὁ κ. Ὠνάσης διεσκέδασαν χθὲς τὸ βράδυ εἰς Καστέλλαν.

Κατὰ τὰς τελευταίας πληροφορίας αἱ συνομιλίαι συνεχίζονται ὑπὸ τοὺς ἰδίους ὅρους, ἀναμένεται δὲ ὅτι ἐντὸς τῶν προσεχῶν ἡμερῶν θὰ γνωσθοῦν καὶ αἱ ἀποφάσεις αἱ ὁποῖαι θὰ ληφθοῦν ἐπὶ τοῦ ζητήματος. Κατὰ τὰς τελευταίας πληροφορίας αἱ συνομιλίαι συνεχίζονται ὑπὸ τοὺς ἰδίους ὅρους, ἀναμένεται δὲ ὅτι ἐντὸς τῶν προσεχῶν ἡμερῶν θὰ γνωσθοῦν καὶ αἱ ἀποφάσεις αἱ ὁποῖαι θὰ ληφθοῦν ἐπὶ τοῦ ζητήματος.

ΚΑΤΕΧΕΙΡΟΚΡΟΤΗΘΗ

Ὁ πρόεδρος Νάσσερ ἀνεφέρθη εἰς τὴν...

Κατὰ τὰς τελευταίας πληροφορίας αἱ συνομιλίαι συνεχίζονται ὑπὸ τοὺς ἰδίους ὅρους, ἀναμένεται δὲ ὅτι ἐντὸς τῶν προσεχῶν ἡμερῶν θὰ γνωσθοῦν καὶ αἱ ἀποφάσεις αἱ ὁποῖαι θὰ ληφθοῦν ἐπὶ τοῦ ζητήματος. Κατὰ τὰς τελευταίας πληροφορίας αἱ συνομιλίαι συνεχίζονται ὑπὸ τοὺς ἰδίους ὅρους, ἀναμένεται δὲ ὅτι ἐντὸς τῶν προσεχῶν ἡμερῶν θὰ γνωσθοῦν καὶ αἱ ἀποφάσεις αἱ ὁποῖαι θὰ ληφθοῦν ἐπὶ τοῦ ζητήματος.

Ο κ. ΚΑΡΑΜΑΝΛΗΣ ΕΔΕΧΘΗ ΖΑΝΝΑΣ ΚΑΙ ΞΕΝΟΥΣ ΠΡΕΣΒΕΙΣ

ΑΘΗΝΑΙ, 27. — Ὁ πρωθυπουργὸς κ. Καραμανλῆς ἐδέχθη σήμερον εἰς τὸ γραφεῖον του ξένους πρέσβεις.

Κατὰ τὰς τελευταίας πληροφορίας αἱ συνομιλίαι συνεχίζονται ὑπὸ τοὺς ἰδίους ὅρους, ἀναμένεται δὲ ὅτι ἐντὸς τῶν προσεχῶν ἡμερῶν θὰ γνωσθοῦν καὶ αἱ ἀποφάσεις αἱ ὁποῖαι θὰ ληφθοῦν ἐπὶ τοῦ ζητήματος. Κατὰ τὰς τελευταίας πληροφορίας αἱ συνομιλίαι συνεχίζονται ὑπὸ τοὺς ἰδίους ὅρους, ἀναμένεται δὲ ὅτι ἐντὸς τῶν προσεχῶν ἡμερῶν θὰ γνωσθοῦν καὶ αἱ ἀποφάσεις αἱ ὁποῖαι θὰ ληφθοῦν ἐπὶ τοῦ ζητήματος.

Ο ΚΑΙΡΟΣ ΣΗΜΕΡΟΝ

Κατὰ τὰς προβλέψεις τῆς Μετεωρολογικῆς Ὑπηρεσίας, ὁ καιρὸς σήμερον θὰ εἶναι αἴθριος. Θερμοκρασία: Ἀθῆναι 18—27, Θεσσαλονίκη 15—24, Δυτικὴ 17—4.

Κατὰ τὰς τελευταίας πληροφορίας αἱ συνομιλίαι συνεχίζονται ὑπὸ τοὺς ἰδίους ὅρους, ἀναμένεται δὲ ὅτι ἐντὸς τῶν προσεχῶν ἡμερῶν θὰ γνωσθοῦν καὶ αἱ ἀποφάσεις αἱ ὁποῖαι θὰ ληφθοῦν ἐπὶ τοῦ ζητήματος. Κατὰ τὰς τελευταίας πληροφορίας αἱ συνομιλίαι συνεχίζονται ὑπὸ τοὺς ἰδίους ὅρους, ἀναμένεται δὲ ὅτι ἐντὸς τῶν προσεχῶν ἡμερῶν θὰ γνωσθοῦν καὶ αἱ ἀποφάσεις αἱ ὁποῖαι θὰ ληφθοῦν ἐπὶ τοῦ ζητήματος.

Ραδιοτηλεγραφητὴς ἰσχυρίζεται ὅτι συνέλαβε τὴν φωνὴν Ρώσσου πιλότου ἐπὶ πυραύλου

ΒΑΣΙΛΕΙΑ, 27. «Ἑλβετία», 27. (Ἀσσ. Πρές). — Ἕλβετος ραδιοτηλεγραφητὴς ἰσχυρίζεται ὅτι συνέλαβε τὴν φωνὴν Ρώσσου πιλότου ἐπὶ πυραύλου.

Κατὰ τὰς τελευταίας πληροφορίας αἱ συνομιλίαι συνεχίζονται ὑπὸ τοὺς ἰδίους ὅρους, ἀναμένεται δὲ ὅτι ἐντὸς τῶν προσεχῶν ἡμερῶν θὰ γνωσθοῦν καὶ αἱ ἀποφάσεις αἱ ὁποῖαι θὰ ληφθοῦν ἐπὶ τοῦ ζητήματος. Κατὰ τὰς τελευταίας πληροφορίας αἱ συνομιλίαι συνεχίζονται ὑπὸ τοὺς ἰδίους ὅρους, ἀναμένεται δὲ ὅτι ἐντὸς τῶν προσεχῶν ἡμερῶν θὰ γνωσθοῦν καὶ αἱ ἀποφάσεις αἱ ὁποῖαι θὰ ληφθοῦν ἐπὶ τοῦ ζητήματος.

Η Δ. ΓΕΡΜΑΝΙΑ ΖΗΤΕΙ ΑΠΟ ΤΟ Ν.Α.Τ.Ο. ΟΠΩΣ ΤΗΣ ΕΠΙΤΡΑΠΗ ΚΑΙ ΑΥΞΗΣΗ ΤΟΝ ΤΟΝΝΑΖ ΤΩΝ ΠΟΛΕΜΙΚΩΝ ΣΚΑΦΩΝ

ΒΟΝΝΗ, 27. (Ρώυτερ). — Ἡ Δυτικὴ Γερμανία ζητεῖ ἀπὸ τὸ ΝΑΤΟ ὅπως τῆς ἐπιτρέψῃ τὴν αὔξησιν τοῦ τοννὰζ τῶν πολεμικῶν σκαφῶν.

Κατὰ τὰς τελευταίας πληροφορίας αἱ συνομιλίαι συνεχίζονται ὑπὸ τοὺς ἰδίους ὅρους, ἀναμένεται δὲ ὅτι ἐντὸς τῶν προσεχῶν ἡμερῶν θὰ γνωσθοῦν καὶ αἱ ἀποφάσεις αἱ ὁποῖαι θὰ ληφθοῦν ἐπὶ τοῦ ζητήματος. Κατὰ τὰς τελευταίας πληροφορίας αἱ συνομιλίαι συνεχίζονται ὑπὸ τοὺς ἰδίους ὅρους, ἀναμένεται δὲ ὅτι ἐντὸς τῶν προσεχῶν ἡμερῶν θὰ γνωσθοῦν καὶ αἱ ἀποφάσεις αἱ ὁποῖαι θὰ ληφθοῦν ἐπὶ τοῦ ζητήματος.

ΕΛΛΗΝΙΚΗ ΕΜΠΟΡΟΒΙΟΜΗΧΑΝΙΚΗ ΑΝΤΙΠΡΟΣΩΠΕΙΑ ΘΑ ΜΕΤΑΒΗ ΕΙΣ ΤΗΝ ΛΕΥΚΩΣΙΑΝ ΔΙΑ ΣΥΝΟΜΙΛΙΑΣ ΕΠΙ ΤΗΣ ΑΝΑΠΤΥΞΕΩΣ ΤΩΝ ΕΜΠΟΡΙΚΩΝ ΣΧΕΣΕΩΝ

ΛΕΥΚΩΣΙΑ, 27. (Ἀσσ. Πρακτ.). — Ἑλληνικὴ ἐμποροβιομηχανικὴ ἀντιπροσωπεία θὰ μεταβῇ εἰς Λευκωσίαν. ΠΟΙΑ ΘΑ ΠΑΡΕΔΟΘΗΣΑΝ. ΝΕΟΝ ΤΟΥΡΚΙΚΟΝ ΚΟΜΜΑ.

Κατὰ τὰς τελευταίας πληροφορίας αἱ συνομιλίαι συνεχίζονται ὑπὸ τοὺς ἰδίους ὅρους, ἀναμένεται δὲ ὅτι ἐντὸς τῶν προσεχῶν ἡμερῶν θὰ γνωσθοῦν καὶ αἱ ἀποφάσεις αἱ ὁποῖαι θὰ ληφθοῦν ἐπὶ τοῦ ζητήματος. Κατὰ τὰς τελευταίας πληροφορίας αἱ συνομιλίαι συνεχίζονται ὑπὸ τοὺς ἰδίους ὅρους, ἀναμένεται δὲ ὅτι ἐντὸς τῶν προσεχῶν ἡμερῶν θὰ γνωσθοῦν καὶ αἱ ἀποφάσεις αἱ ὁποῖαι θὰ ληφθοῦν ἐπὶ τοῦ ζητήματος.

Ο ΙΑΠΩΝ ΔΙΑΔΟΧΟΣ ΚΑΙ Η ΣΥΖΥΓΟΣ ΤΟΥ ΕΙΣ ΟΥΑΣΙΓΚΤΩΝ

ΟΥΑΣΙΓΚΤΩΝ, 27. (Ἀσσ. Πρές). — Ὁ διάδοχος τῆς Ἰαπωνίας καὶ ἡ σύζυγός του ἀφίχθησαν εἰς Οὐάσιγκτων.

Κατὰ τὰς τελευταίας πληροφορίας αἱ συνομιλίαι συνεχίζονται ὑπὸ τοὺς ἰδίους ὅρους, ἀναμένεται δὲ ὅτι ἐντὸς τῶν προσεχῶν ἡμερῶν θὰ γνωσθοῦν καὶ αἱ ἀποφάσεις αἱ ὁποῖαι θὰ ληφθοῦν ἐπὶ τοῦ ζητήματος. Κατὰ τὰς τελευταίας πληροφορίας αἱ συνομιλίαι συνεχίζονται ὑπὸ τοὺς ἰδίους ὅρους, ἀναμένεται δὲ ὅτι ἐντὸς τῶν προσεχῶν ἡμερῶν θὰ γνωσθοῦν καὶ αἱ ἀποφάσεις αἱ ὁποῖαι θὰ ληφθοῦν ἐπὶ τοῦ ζητήματος.

ΘΑΝΑΤΙΚΑΙ ΚΑΤΑΔΙΚΑΙ ΚΑΤΑΧΡΑΣΤΩΝ ΕΙΣ ΤΗΝ ΒΟΥΛΓΑΡΙΑΝ

ΒΙΕΝΝΗ, 27. (Ρώυτερ). — Θανατικαὶ καταδίκαι ἐπεβλήθησαν εἰς καταχραστὰς δημοσίου χρήματος.

Κατὰ τὰς τελευταίας πληροφορίας αἱ συνομιλίαι συνεχίζονται ὑπὸ τοὺς ἰδίους ὅρους, ἀναμένεται δὲ ὅτι ἐντὸς τῶν προσεχῶν ἡμερῶν θὰ γνωσθοῦν καὶ αἱ ἀποφάσεις αἱ ὁποῖαι θὰ ληφθοῦν ἐπὶ τοῦ ζητήματος. Κατὰ τὰς τελευταίας πληροφορίας αἱ συνομιλίαι συνεχίζονται ὑπὸ τοὺς ἰδίους ὅρους, ἀναμένεται δὲ ὅτι ἐντὸς τῶν προσεχῶν ἡμερῶν θὰ γνωσθοῦν καὶ αἱ ἀποφάσεις αἱ ὁποῖαι θὰ ληφθοῦν ἐπὶ τοῦ ζητήματος.

ΠΡΟΑΓΩΓΑΙ ΑΞΙΩΜΑΤΙΚΩΝ ΚΑΙ ΥΠΑΞΙΩΜΑΤΙΚΩΝ ΤΟΥ ΛΙΜΕΝΙΚΟΥ ΣΩΜΑΤΟΣ

ΑΘΗΝΑΙ, 27. — Διὰ β. διατάγματος προήχθησαν ἀξιωματικοὶ τοῦ Λιμενικοῦ.

Κατὰ τὰς τελευταίας πληροφορίας αἱ συνομιλίαι συνεχίζονται ὑπὸ τοὺς ἰδίους ὅρους, ἀναμένεται δὲ ὅτι ἐντὸς τῶν προσεχῶν ἡμερῶν θὰ γνωσθοῦν καὶ αἱ ἀποφάσεις αἱ ὁποῖαι θὰ ληφθοῦν ἐπὶ τοῦ ζητήματος. Κατὰ τὰς τελευταίας πληροφορίας αἱ συνομιλίαι συνεχίζονται ὑπὸ τοὺς ἰδίους ὅρους, ἀναμένεται δὲ ὅτι ἐντὸς τῶν προσεχῶν ἡμερῶν θὰ γνωσθοῦν καὶ αἱ ἀποφάσεις αἱ ὁποῖαι θὰ ληφθοῦν ἐπὶ τοῦ ζητήματος.

ΕΦΟΡΙΑ ΕΙΔΙΚΩΝ ΠΕΡΙΠΤΩΣΕΩΝ ΣΥΝΕΣΤΗΘΗ ΕΙΣ ΑΘΗΝΑΣ ΘΑ ΕΛΕΓΧΗ ΤΟΥΣ ΔΙΑΜΕΝΟΝΤΑΣ ΕΙΣ ΤΟ ΕΞΩΤΕΡΙΚΟΝ ΚΑΙ ΤΟΥΣ ΥΠΗΡΕΤΟΥΝΤΑΣ ΕΙΣ ΑΛΛΟΔΑΠΗΝ ΥΠΑΛΛΗΛΟΥΣ

ΑΘΗΝΑΙ, 27. — Διὰ διατάγματος συνεστήθη εἰς Ἀθήνας Ἐφορία Εἰδικῶν Περιπτώσεων.

Κατὰ τὰς τελευταίας πληροφορίας αἱ συνομιλίαι συνεχίζονται ὑπὸ τοὺς ἰδίους ὅρους, ἀναμένεται δὲ ὅτι ἐντὸς τῶν προσεχῶν ἡμερῶν θὰ γνωσθοῦν καὶ αἱ ἀποφάσεις αἱ ὁποῖαι θὰ ληφθοῦν ἐπὶ τοῦ ζητήματος. Κατὰ τὰς τελευταίας πληροφορίας αἱ συνομιλίαι συνεχίζονται ὑπὸ τοὺς ἰδίους ὅρους, ἀναμένεται δὲ ὅτι ἐντὸς τῶν προσεχῶν ἡμερῶν θὰ γνωσθοῦν καὶ αἱ ἀποφάσεις αἱ ὁποῖαι θὰ ληφθοῦν ἐπὶ τοῦ ζητήματος.

ΟΙ κ. κ. ΜΠΑΚΑΤΣΕΛΟΣ ΚΑΙ ΚΟΘΡΗΣ ΔΙ' ΕΠΕΡΩΤΗΣΕΩΝ ΘΑ ΦΕΡΟΥΝ ΕΙΣ ΤΗΝ ΒΟΥΛΗΝ ΤΟ ΕΠΕΙΣΟΔΙΟΝ ΕΒΡΟΥ ΚΑΘΩΣ ΚΑΙ ΤΑΣ ΕΝ ΓΕΝΕΙ ΕΛΛΗΝΟΤΟΥΡΚΙΚΑΣ ΣΧΕΣΕΙΣ

ΑΘΗΝΑΙ, 27. — Οἱ βουλευταὶ κ. κ. Μπακατσέλος καὶ Κόθρης κατέθεσαν ἐπερωτήσεις.

Κατὰ τὰς τελευταίας πληροφορίας αἱ συνομιλίαι συνεχίζονται ὑπὸ τοὺς ἰδίους ὅρους, ἀναμένεται δὲ ὅτι ἐντὸς τῶν προσεχῶν ἡμερῶν θὰ γνωσθοῦν καὶ αἱ ἀποφάσεις αἱ ὁποῖαι θὰ ληφθοῦν ἐπὶ τοῦ ζητήματος. Κατὰ τὰς τελευταίας πληροφορίας αἱ συνομιλίαι συνεχίζονται ὑπὸ τοὺς ἰδίους ὅρους, ἀναμένεται δὲ ὅτι ἐντὸς τῶν προσεχῶν ἡμερῶν θὰ γνωσθοῦν καὶ αἱ ἀποφάσεις αἱ ὁποῖαι θὰ ληφθοῦν ἐπὶ τοῦ ζητήματος.

ΚΑΤΑ ΤΟΥΣ ΤΡΕΙΣ ΔΥΤΙΚΟΥΣ, ΤΟ Α. ΒΕΡΟΛΙΝΟΝ ΔΕΝ ΕΙΝΑΙ ΤΜΗΜΑ ΤΗΣ ΑΝΑΤΟΛ. ΓΕΡΜΑΝΙΑΣ

ΒΟΝΝΗ, 27. (Ἀσσ. Πρές). — Οἱ τρεῖς Δυτικοὶ ἐπιμένουν ὅτι τὸ Ἀνατολικὸν Βερολῖνον δὲν εἶναι τμῆμα τῆς Ἀνατολικῆς Γερμανίας.

Κατὰ τὰς τελευταίας πληροφορίας αἱ συνομιλίαι συνεχίζονται ὑπὸ τοὺς ἰδίους ὅρους, ἀναμένεται δὲ ὅτι ἐντὸς τῶν προσεχῶν ἡμερῶν θὰ γνωσθοῦν καὶ αἱ ἀποφάσεις αἱ ὁποῖαι θὰ ληφθοῦν ἐπὶ τοῦ ζητήματος. Κατὰ τὰς τελευταίας πληροφορίας αἱ συνομιλίαι συνεχίζονται ὑπὸ τοὺς ἰδίους ὅρους, ἀναμένεται δὲ ὅτι ἐντὸς τῶν προσεχῶν ἡμερῶν θὰ γνωσθοῦν καὶ αἱ ἀποφάσεις αἱ ὁποῖαι θὰ ληφθοῦν ἐπὶ τοῦ ζητήματος.

Ο ΓΙΟΥΓΚΟΣΛΑΒΙΚΟΣ ΡΕΒΙΖΙΟΝΙΣΜΟΣ ΕΠΙΚΡΙΝΕΤΑΙ ΑΠΟ ΤΟ ΟΡΓΑΝΟΝ ΤΗΣ ΚΕΝΤΡΙΚΗΣ ΕΠΙΤΡΟΠΗΣ ΤΟΥ Κ.Κ. ΠΡΑΓΑΣ

ΠΡΑΓΑ, 27. (Γαλλικόν). — Τὸ ὄργανον τῆς Κεντρικῆς Ἐπιτροπῆς τοῦ Κ.Κ. Τσεχοσλοβακίας ἐπικρίνει τὸν γιουγκοσλαβικὸν ρεβιζιονισμόν.

Κατὰ τὰς τελευταίας πληροφορίας αἱ συνομιλίαι συνεχίζονται ὑπὸ τοὺς ἰδίους ὅρους, ἀναμένεται δὲ ὅτι ἐντὸς τῶν προσεχῶν ἡμερῶν θὰ γνωσθοῦν καὶ αἱ ἀποφάσεις αἱ ὁποῖαι θὰ ληφθοῦν ἐπὶ τοῦ ζητήματος. Κατὰ τὰς τελευταίας πληροφορίας αἱ συνομιλίαι συνεχίζονται ὑπὸ τοὺς ἰδίους ὅρους, ἀναμένεται δὲ ὅτι ἐντὸς τῶν προσεχῶν ἡμερῶν θὰ γνωσθοῦν καὶ αἱ ἀποφάσεις αἱ ὁποῖαι θὰ ληφθοῦν ἐπὶ τοῦ ζητήματος.
